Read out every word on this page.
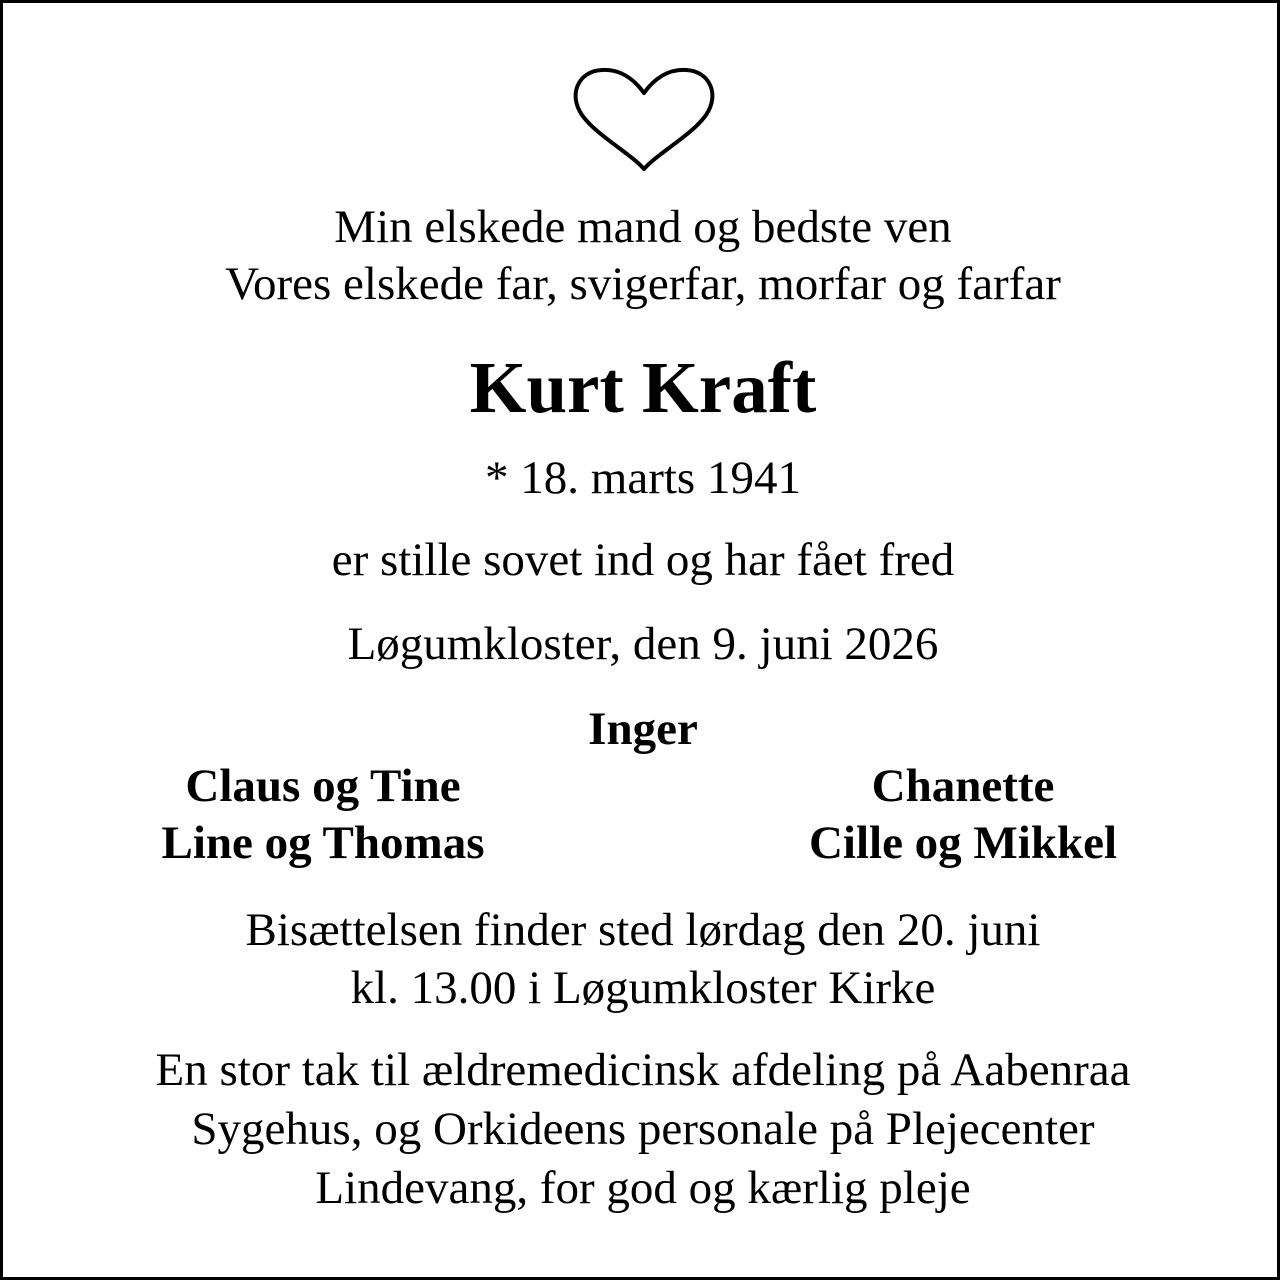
Min elskede mand og bedste ven
Vores elskede far, svigerfar, morfar og farfar
Kurt Kraft
* 18. marts 1941
er stille sovet ind og har fået fred
Løgumkloster, den 9. juni 2026
Inger
Claus og Tine
Line og Thomas
Chanette
Cille og Mikkel
Bisættelsen finder sted lørdag den 20. juni
kl. 13.00 i Løgumkloster Kirke
En stor tak til ældremedicinsk afdeling på Aabenraa
Sygehus, og Orkideens personale på Plejecenter
Lindevang, for god og kærlig pleje
